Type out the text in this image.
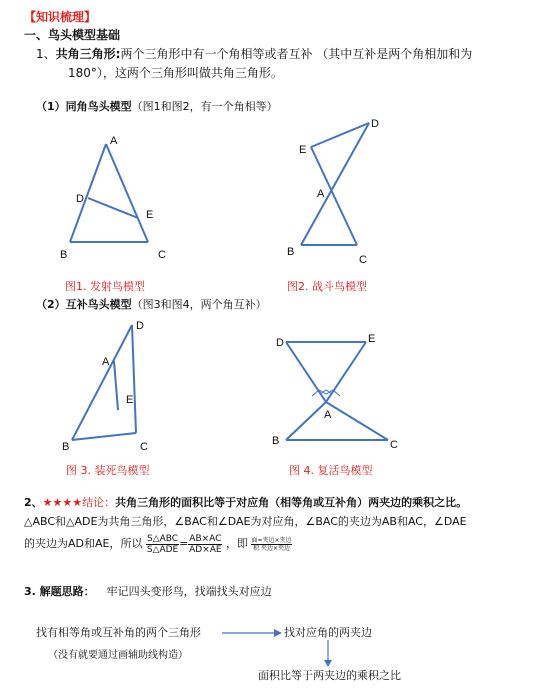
【知识梳理】
一、鸟头模型基础
1、共角三角形:两个三角形中有一个角相等或者互补 （其中互补是两个角相加和为
180°），这两个三角形叫做共角三角形。
（1）同角鸟头模型（图1和图2，有一个角相等）
A
D
E
B	C
图1. 发射鸟模型
D
E
A
B
C
图2. 战斗鸟模型
（2）互补鸟头模型（图3和图4，两个角互补）
D
A
E
B	C
图 3. 装死鸟模型
D	E
A
B	C
图 4. 复活鸟模型
2、★★★★结论：共角三角形的面积比等于对应角（相等角或互补角）两夹边的乘积之比。
△ABC和△ADE为共角三角形，∠BAC和∠DAE为对应角，∠BAC的夹边为AB和AC，∠DAE
的夹边为AD和AE，所以 $\frac{\text{S△ABC}}{\text{S△ADE}} = \frac{AB\times AC}{AD\times AE}$ ，即 $\frac{\text{面=夹边×夹边}}{\text{积 夹边×夹边}}$
3. 解题思路： 牢记四头变形鸟，找端找头对应边
找有相等角或互补角的两个三角形
（没有就要通过画辅助线构造）
找对应角的两夹边
面积比等于两夹边的乘积之比
